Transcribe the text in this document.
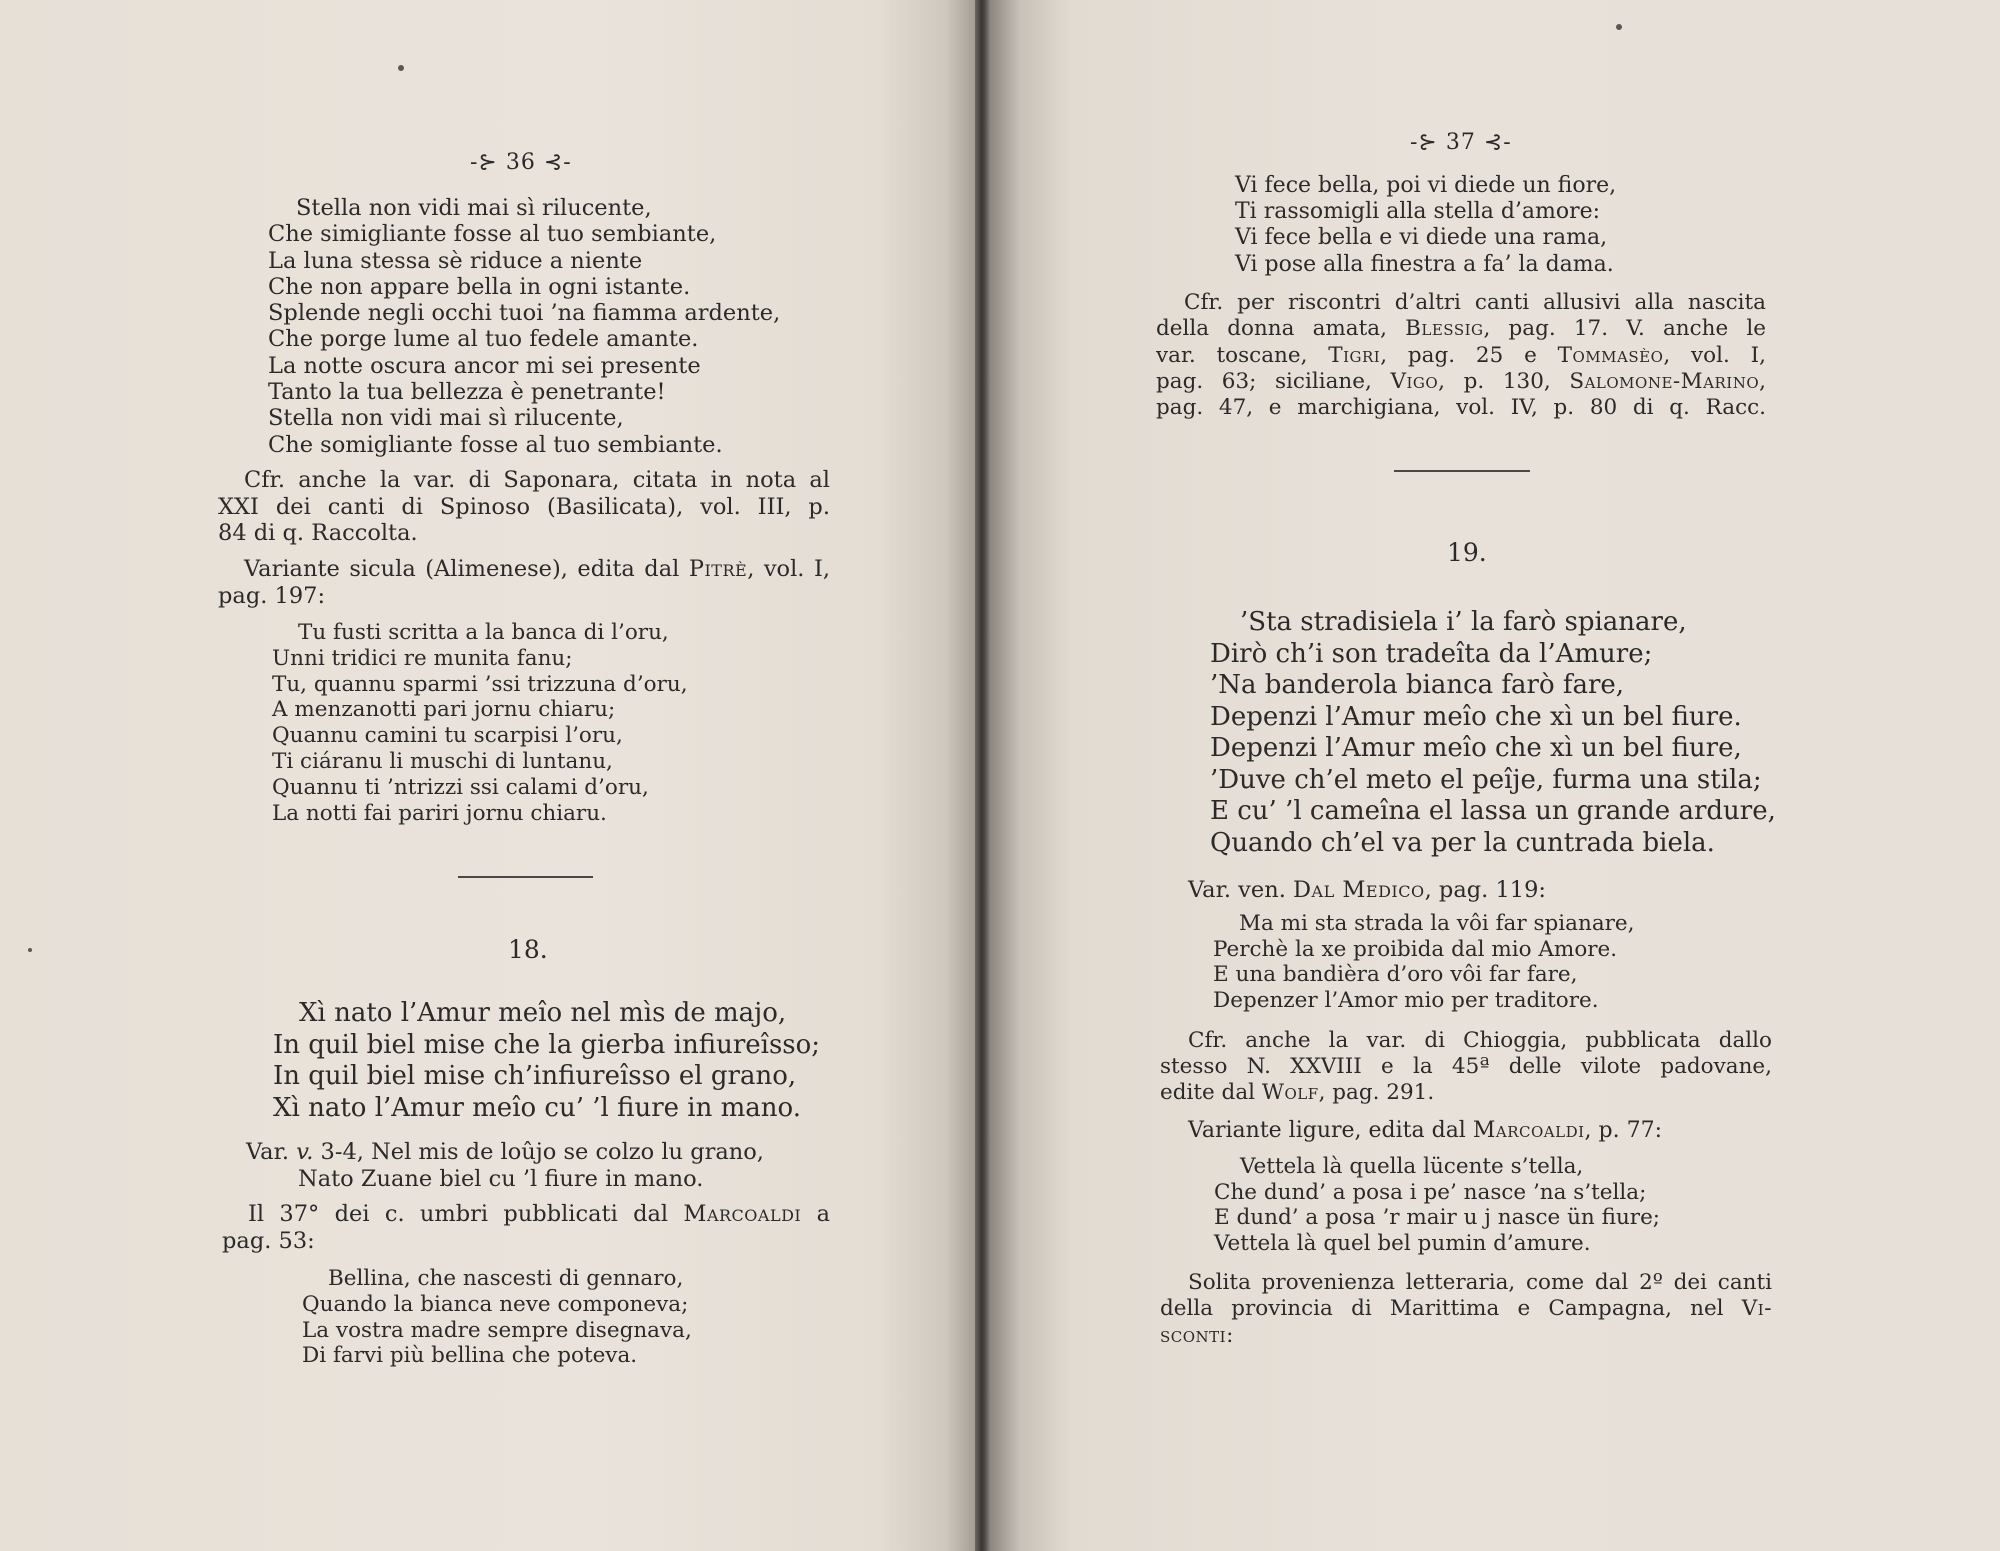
-⊱ 36 ⊰-
Stella non vidi mai sì rilucente,
Che simigliante fosse al tuo sembiante,
La luna stessa sè riduce a niente
Che non appare bella in ogni istante.
Splende negli occhi tuoi ’na fiamma ardente,
Che porge lume al tuo fedele amante.
La notte oscura ancor mi sei presente
Tanto la tua bellezza è penetrante!
Stella non vidi mai sì rilucente,
Che somigliante fosse al tuo sembiante.
Cfr. anche la var. di Saponara, citata in nota al
XXI dei canti di Spinoso (Basilicata), vol. III, p.
84 di q. Raccolta.
Variante sicula (Alimenese), edita dal Pitrè, vol. I,
pag. 197:
Tu fusti scritta a la banca di l’oru,
Unni tridici re munita fanu;
Tu, quannu sparmi ’ssi trizzuna d’oru,
A menzanotti pari jornu chiaru;
Quannu camini tu scarpisi l’oru,
Ti ciáranu li muschi di luntanu,
Quannu ti ’ntrizzi ssi calami d’oru,
La notti fai pariri jornu chiaru.
18.
Xì nato l’Amur meîo nel mìs de majo,
In quil biel mise che la gierba infiureîsso;
In quil biel mise ch’infiureîsso el grano,
Xì nato l’Amur meîo cu’ ’l fiure in mano.
Var. v. 3-4, Nel mis de loûjo se colzo lu grano,
Nato Zuane biel cu ’l fiure in mano.
Il 37° dei c. umbri pubblicati dal Marcoaldi a
pag. 53:
Bellina, che nascesti di gennaro,
Quando la bianca neve componeva;
La vostra madre sempre disegnava,
Di farvi più bellina che poteva.
-⊱ 37 ⊰-
Vi fece bella, poi vi diede un fiore,
Ti rassomigli alla stella d’amore:
Vi fece bella e vi diede una rama,
Vi pose alla finestra a fa’ la dama.
Cfr. per riscontri d’altri canti allusivi alla nascita
della donna amata, Blessig, pag. 17. V. anche le
var. toscane, Tigri, pag. 25 e Tommasèo, vol. I,
pag. 63; siciliane, Vigo, p. 130, Salomone-Marino,
pag. 47, e marchigiana, vol. IV, p. 80 di q. Racc.
19.
’Sta stradisiela i’ la farò spianare,
Dirò ch’i son tradeîta da l’Amure;
’Na banderola bianca farò fare,
Depenzi l’Amur meîo che xì un bel fiure.
Depenzi l’Amur meîo che xì un bel fiure,
’Duve ch’el meto el peîje, furma una stila;
E cu’ ’l cameîna el lassa un grande ardure,
Quando ch’el va per la cuntrada biela.
Var. ven. Dal Medico, pag. 119:
Ma mi sta strada la vôi far spianare,
Perchè la xe proibida dal mio Amore.
E una bandièra d’oro vôi far fare,
Depenzer l’Amor mio per traditore.
Cfr. anche la var. di Chioggia, pubblicata dallo
stesso N. XXVIII e la 45ª delle vilote padovane,
edite dal Wolf, pag. 291.
Variante ligure, edita dal Marcoaldi, p. 77:
Vettela là quella lücente s’tella,
Che dund’ a posa i pe’ nasce ’na s’tella;
E dund’ a posa ’r mair u j nasce ün fiure;
Vettela là quel bel pumin d’amure.
Solita provenienza letteraria, come dal 2º dei canti
della provincia di Marittima e Campagna, nel Vi-
sconti:
